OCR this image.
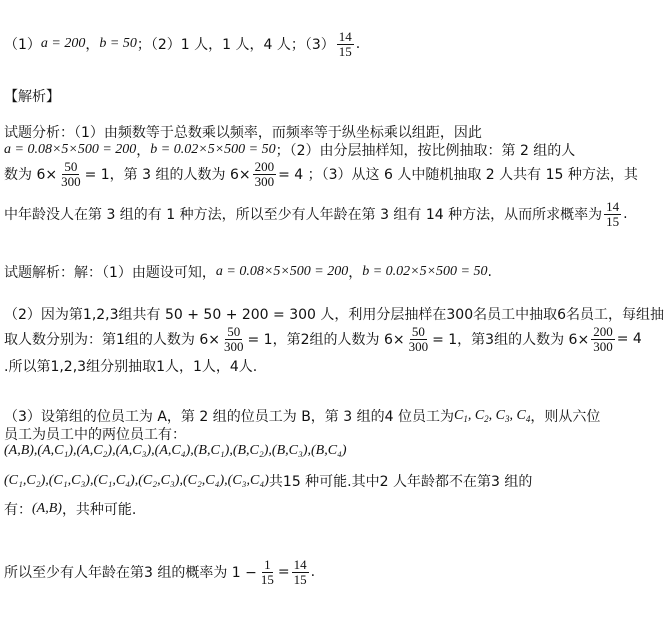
（1） a = 200 ， b = 50 ；（2） 1 人，1 人，4 人；$(3) \frac{14}{15}$ .
【解析】
试题分析：（1）由频数等于总数乘以频率，而频率等于纵坐标乘以组距，因此
a = 0.08×5×500 = 200 ， b = 0.02×5×500 = 50 ；（2）由分层抽样知，按比例抽取：第 2 组的人
数为 $6\times \frac{50}{300} = 1$，第 3 组的人数为 $6\times \frac{200}{300} = 4$ ；（3）从这 6 人中随机抽取 2 人共有 15 种方法，其
中年龄没人在第 3 组的有 1 种方法，所以至少有人年龄在第 3 组有 14 种方法，从而所求概率为 $\frac{14}{15}$ .
试题解析：解：（1）由题设可知， a = 0.08×5×500 = 200 ， b = 0.02×5×500 = 50 .
（2）因为第1,2,3组共有 50 + 50 + 200 = 300 人，利用分层抽样在300名员工中抽取6名员工，每组抽
取人数分别为：第1组的人数为 $6\times \frac{50}{300} = 1$，第2组的人数为 $6\times \frac{50}{300} = 1$，第3组的人数为 $6\times \frac{200}{300} = 4$
.所以第1,2,3组分别抽取1人，1人，4人.
（3）设第组的位员工为 A，第 2 组的位员工为 B，第 3 组的4 位员工为 $C_1$, $C_2$, $C_3$, $C_4$ ，则从六位
员工为员工中的两位员工有：
(A,B),(A,C₁),(A,C₂),(A,C₃),(A,C₄),(B,C₁),(B,C₂),(B,C₃),(B,C₄)
(C₁,C₂),(C₁,C₃),(C₁,C₄),(C₂,C₃),(C₂,C₄),(C₃,C₄) 共15 种可能.其中2 人年龄都不在第3 组的
有： (A,B) ，共种可能.
所以至少有人年龄在第3 组的概率为 $1 - \frac{1}{15} = \frac{14}{15}$ .
